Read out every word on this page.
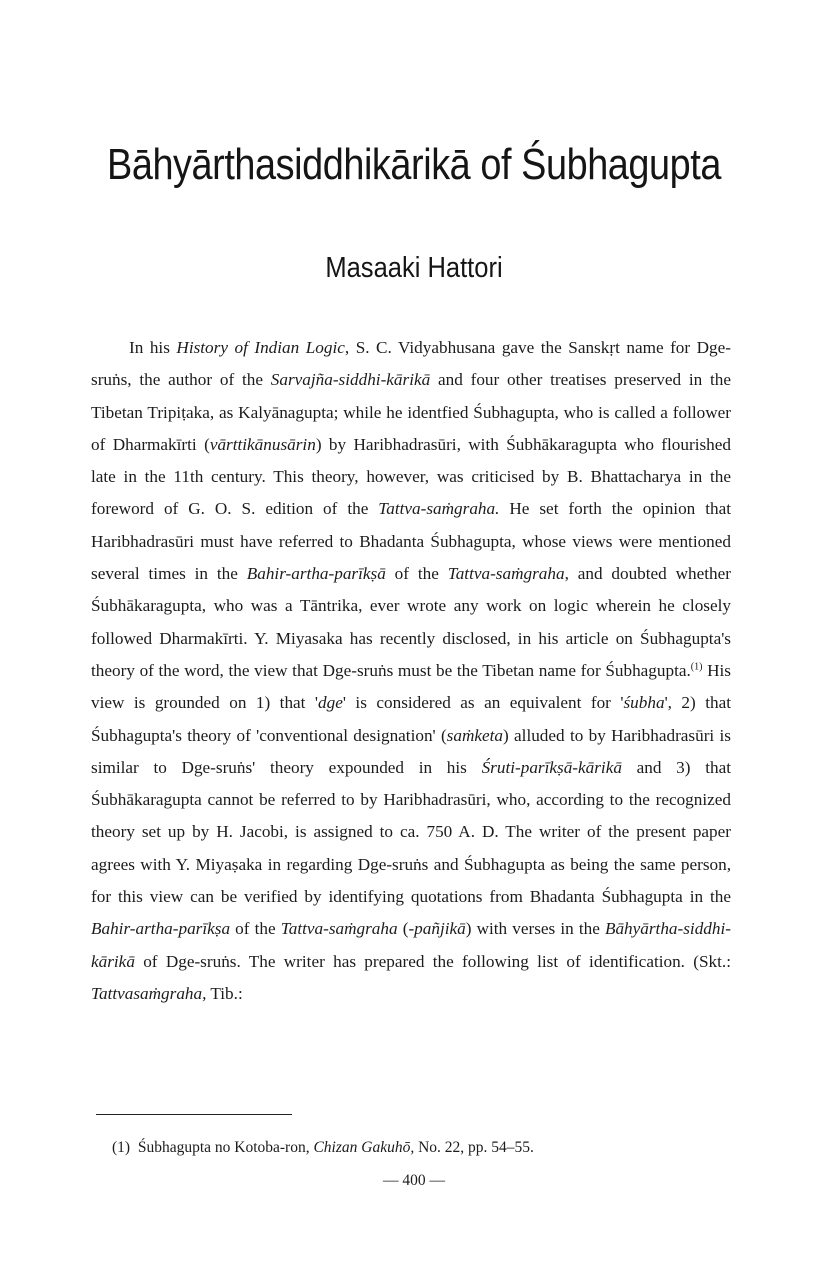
Bāhyārthasiddhikārikā of Śubhagupta
Masaaki Hattori

In his History of Indian Logic, S. C. Vidyabhusana gave the Sanskṛt name for Dge-sruṅs, the author of the Sarvajña-siddhi-kārikā and four other treatises preserved in the Tibetan Tripiṭaka, as Kalyānagupta; while he identfied Śubhagupta, who is called a follower of Dharmakīrti (vārttikānusārin) by Haribhadrasūri, with Śubhākaragupta who flourished late in the 11th century. This theory, however, was criticised by B. Bhattacharya in the foreword of G. O. S. edition of the Tattva-saṁgraha. He set forth the opinion that Haribhadrasūri must have referred to Bhadanta Śubhagupta, whose views were mentioned several times in the Bahir-artha-parīkṣā of the Tattva-saṁgraha, and doubted whether Śubhākaragupta, who was a Tāntrika, ever wrote any work on logic wherein he closely followed Dharmakīrti. Y. Miyasaka has recently disclosed, in his article on Śubhagupta's theory of the word, the view that Dge-sruṅs must be the Tibetan name for Śubhagupta.$^{(1)}$ His view is grounded on 1) that 'dge' is considered as an equivalent for 'śubha', 2) that Śubhagupta's theory of 'conventional designation' (saṁketa) alluded to by Haribhadrasūri is similar to Dge-sruṅs' theory expounded in his Śruti-parīkṣā-kārikā and 3) that Śubhākaragupta cannot be referred to by Haribhadrasūri, who, according to the recognized theory set up by H. Jacobi, is assigned to ca. 750 A. D. The writer of the present paper agrees with Y. Miyaṣaka in regarding Dge-sruṅs and Śubhagupta as being the same person, for this view can be verified by identifying quotations from Bhadanta Śubhagupta in the Bahir-artha-parīkṣa of the Tattva-saṁgraha (-pañjikā) with verses in the Bāhyārtha-siddhi-kārikā of Dge-sruṅs. The writer has prepared the following list of identification. (Skt.: Tattvasaṁgraha, Tib.:

(1) Śubhagupta no Kotoba-ron, Chizan Gakuhō, No. 22, pp. 54–55.

— 400 —
